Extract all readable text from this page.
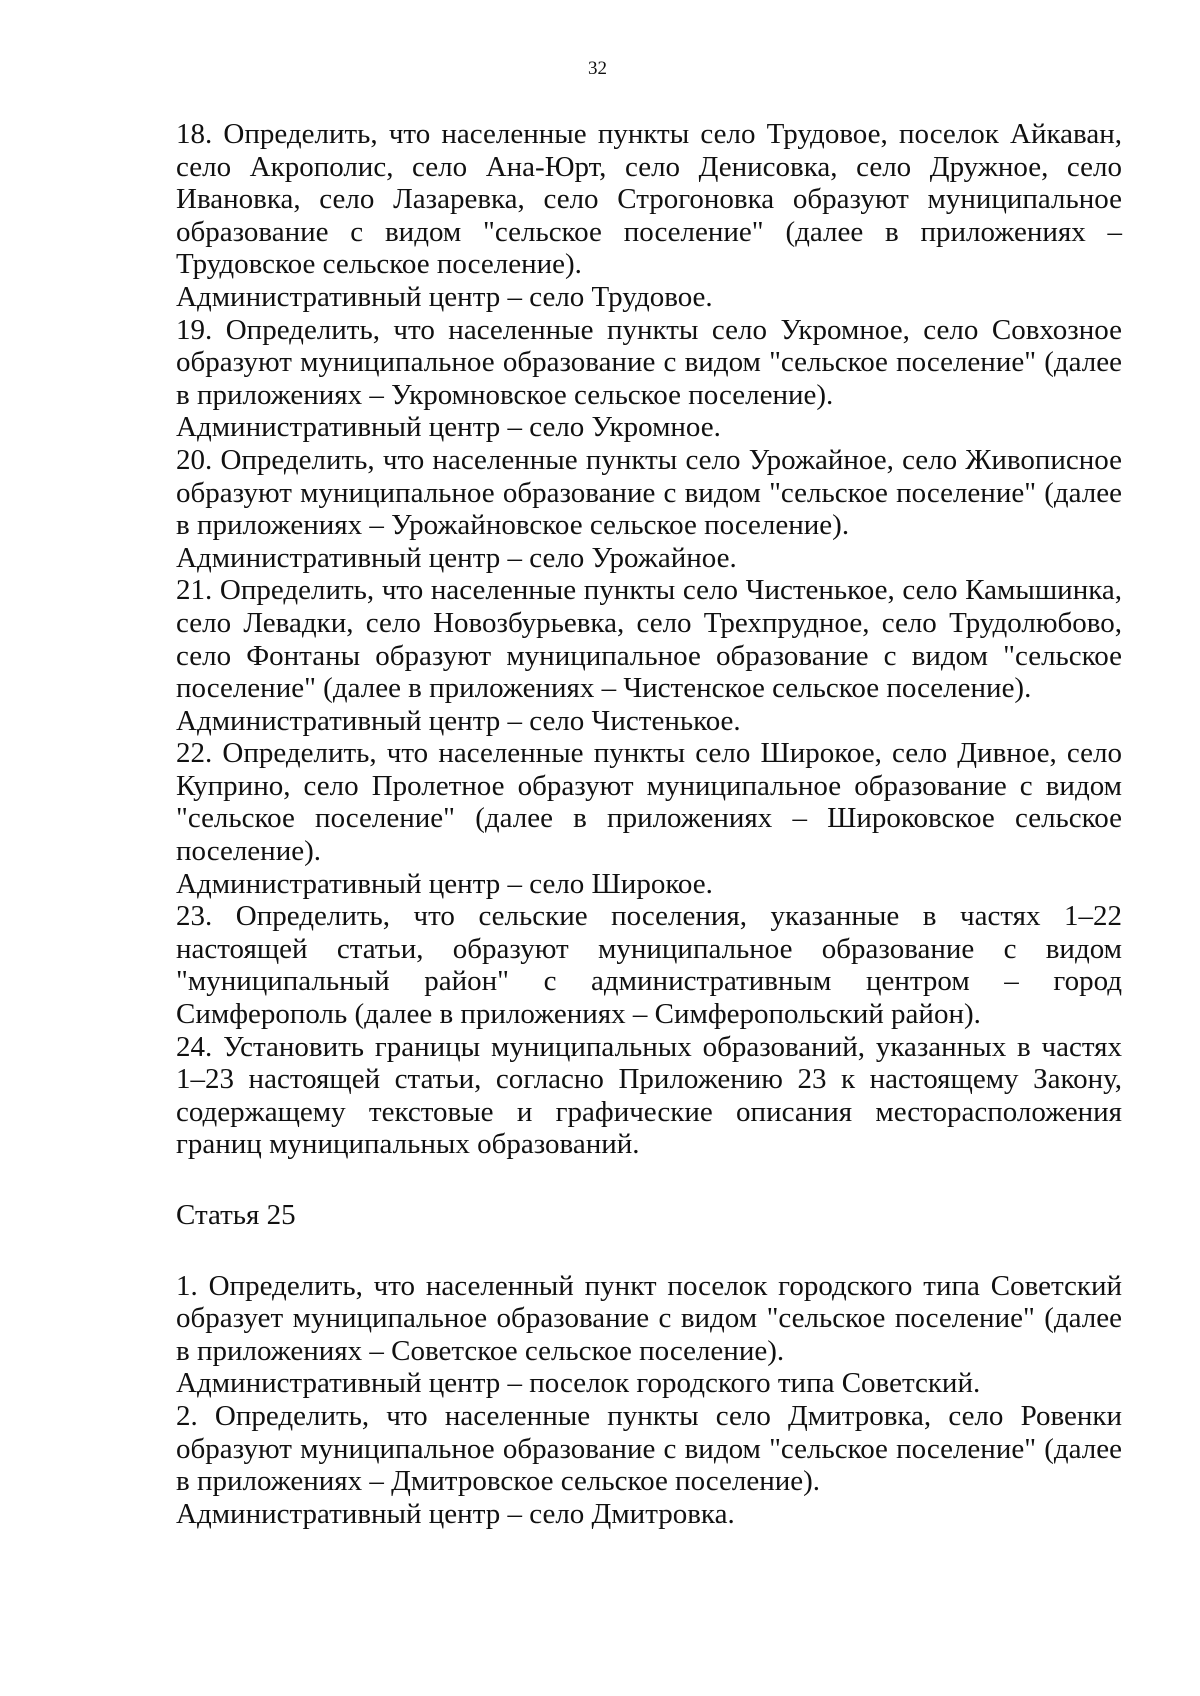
32

18. Определить, что населенные пункты село Трудовое, поселок Айкаван, село Акрополис, село Ана-Юрт, село Денисовка, село Дружное, село Ивановка, село Лазаревка, село Строгоновка образуют муниципальное образование с видом "сельское поселение" (далее в приложениях – Трудовское сельское поселение).

Административный центр – село Трудовое.

19. Определить, что населенные пункты село Укромное, село Совхозное образуют муниципальное образование с видом "сельское поселение" (далее в приложениях – Укромновское сельское поселение).

Административный центр – село Укромное.

20. Определить, что населенные пункты село Урожайное, село Живописное образуют муниципальное образование с видом "сельское поселение" (далее в приложениях – Урожайновское сельское поселение).

Административный центр – село Урожайное.

21. Определить, что населенные пункты село Чистенькое, село Камышинка, село Левадки, село Новозбурьевка, село Трехпрудное, село Трудолюбово, село Фонтаны образуют муниципальное образование с видом "сельское поселение" (далее в приложениях – Чистенское сельское поселение).

Административный центр – село Чистенькое.

22. Определить, что населенные пункты село Широкое, село Дивное, село Куприно, село Пролетное образуют муниципальное образование с видом "сельское поселение" (далее в приложениях – Широковское сельское поселение).

Административный центр – село Широкое.

23. Определить, что сельские поселения, указанные в частях 1–22 настоящей статьи, образуют муниципальное образование с видом "муниципальный район" с административным центром – город Симферополь (далее в приложениях – Симферопольский район).

24. Установить границы муниципальных образований, указанных в частях 1–23 настоящей статьи, согласно Приложению 23 к настоящему Закону, содержащему текстовые и графические описания месторасположения границ муниципальных образований.

Статья 25

1. Определить, что населенный пункт поселок городского типа Советский образует муниципальное образование с видом "сельское поселение" (далее в приложениях – Советское сельское поселение).

Административный центр – поселок городского типа Советский.

2. Определить, что населенные пункты село Дмитровка, село Ровенки образуют муниципальное образование с видом "сельское поселение" (далее в приложениях – Дмитровское сельское поселение).

Административный центр – село Дмитровка.
